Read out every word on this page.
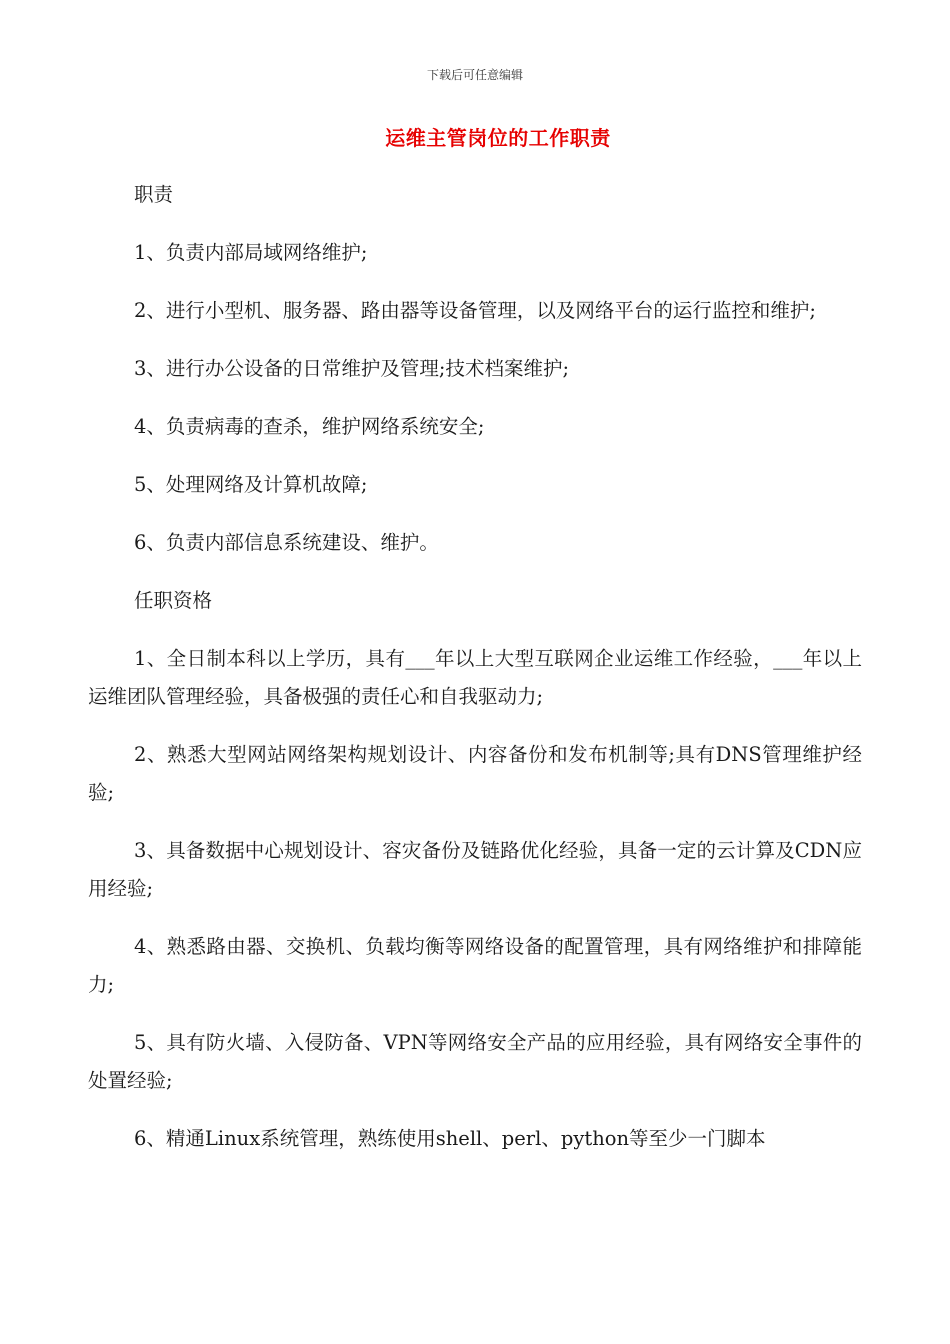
下载后可任意编辑
运维主管岗位的工作职责

职责

1、负责内部局域网络维护;

2、进行小型机、服务器、路由器等设备管理，以及网络平台的运行监控和维护;

3、进行办公设备的日常维护及管理;技术档案维护;

4、负责病毒的查杀，维护网络系统安全;

5、处理网络及计算机故障;

6、负责内部信息系统建设、维护。

任职资格

1、全日制本科以上学历，具有___年以上大型互联网企业运维工作经验，___年以上运维团队管理经验，具备极强的责任心和自我驱动力;

2、熟悉大型网站网络架构规划设计、内容备份和发布机制等;具有DNS管理维护经验;

3、具备数据中心规划设计、容灾备份及链路优化经验，具备一定的云计算及CDN应用经验;

4、熟悉路由器、交换机、负载均衡等网络设备的配置管理，具有网络维护和排障能力;

5、具有防火墙、入侵防备、VPN等网络安全产品的应用经验，具有网络安全事件的处置经验;

6、精通Linux系统管理，熟练使用shell、perl、python等至少一门脚本
